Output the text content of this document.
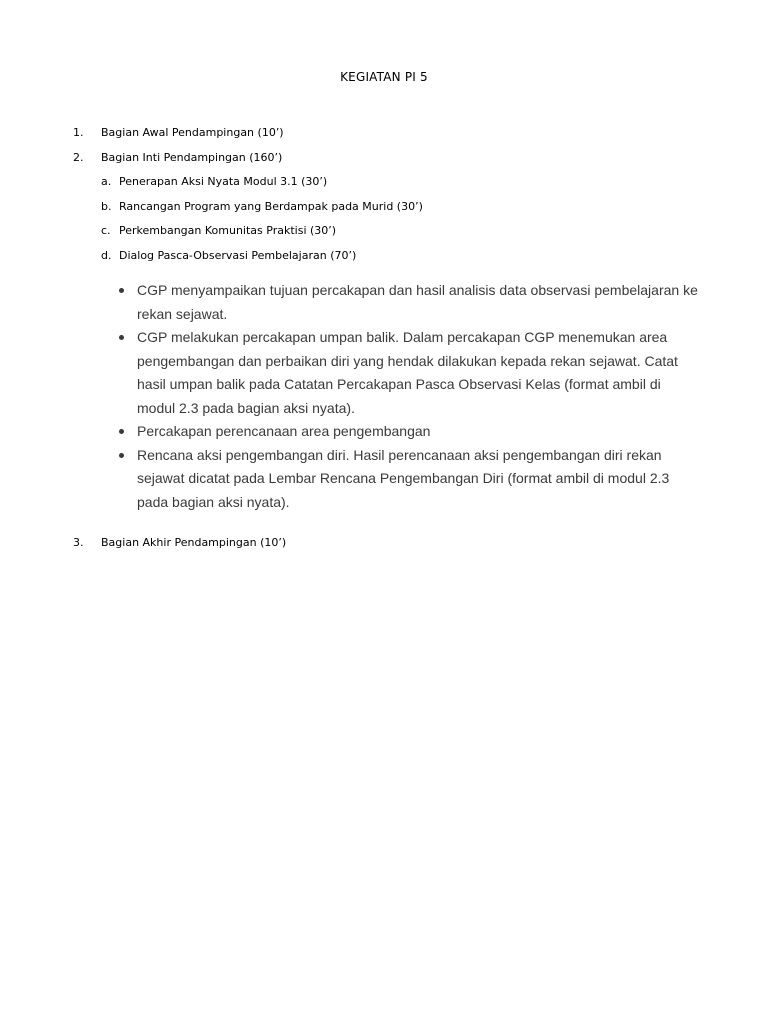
KEGIATAN PI 5
1. Bagian Awal Pendampingan (10’)
2. Bagian Inti Pendampingan (160’)
a. Penerapan Aksi Nyata Modul 3.1 (30’)
b. Rancangan Program yang Berdampak pada Murid (30’)
c. Perkembangan Komunitas Praktisi (30’)
d. Dialog Pasca-Observasi Pembelajaran (70’)
CGP menyampaikan tujuan percakapan dan hasil analisis data observasi pembelajaran ke rekan sejawat.
CGP melakukan percakapan umpan balik. Dalam percakapan CGP menemukan area pengembangan dan perbaikan diri yang hendak dilakukan kepada rekan sejawat. Catat hasil umpan balik pada Catatan Percakapan Pasca Observasi Kelas (format ambil di modul 2.3 pada bagian aksi nyata).
Percakapan perencanaan area pengembangan
Rencana aksi pengembangan diri. Hasil perencanaan aksi pengembangan diri rekan sejawat dicatat pada Lembar Rencana Pengembangan Diri (format ambil di modul 2.3 pada bagian aksi nyata).
3. Bagian Akhir Pendampingan (10’)
